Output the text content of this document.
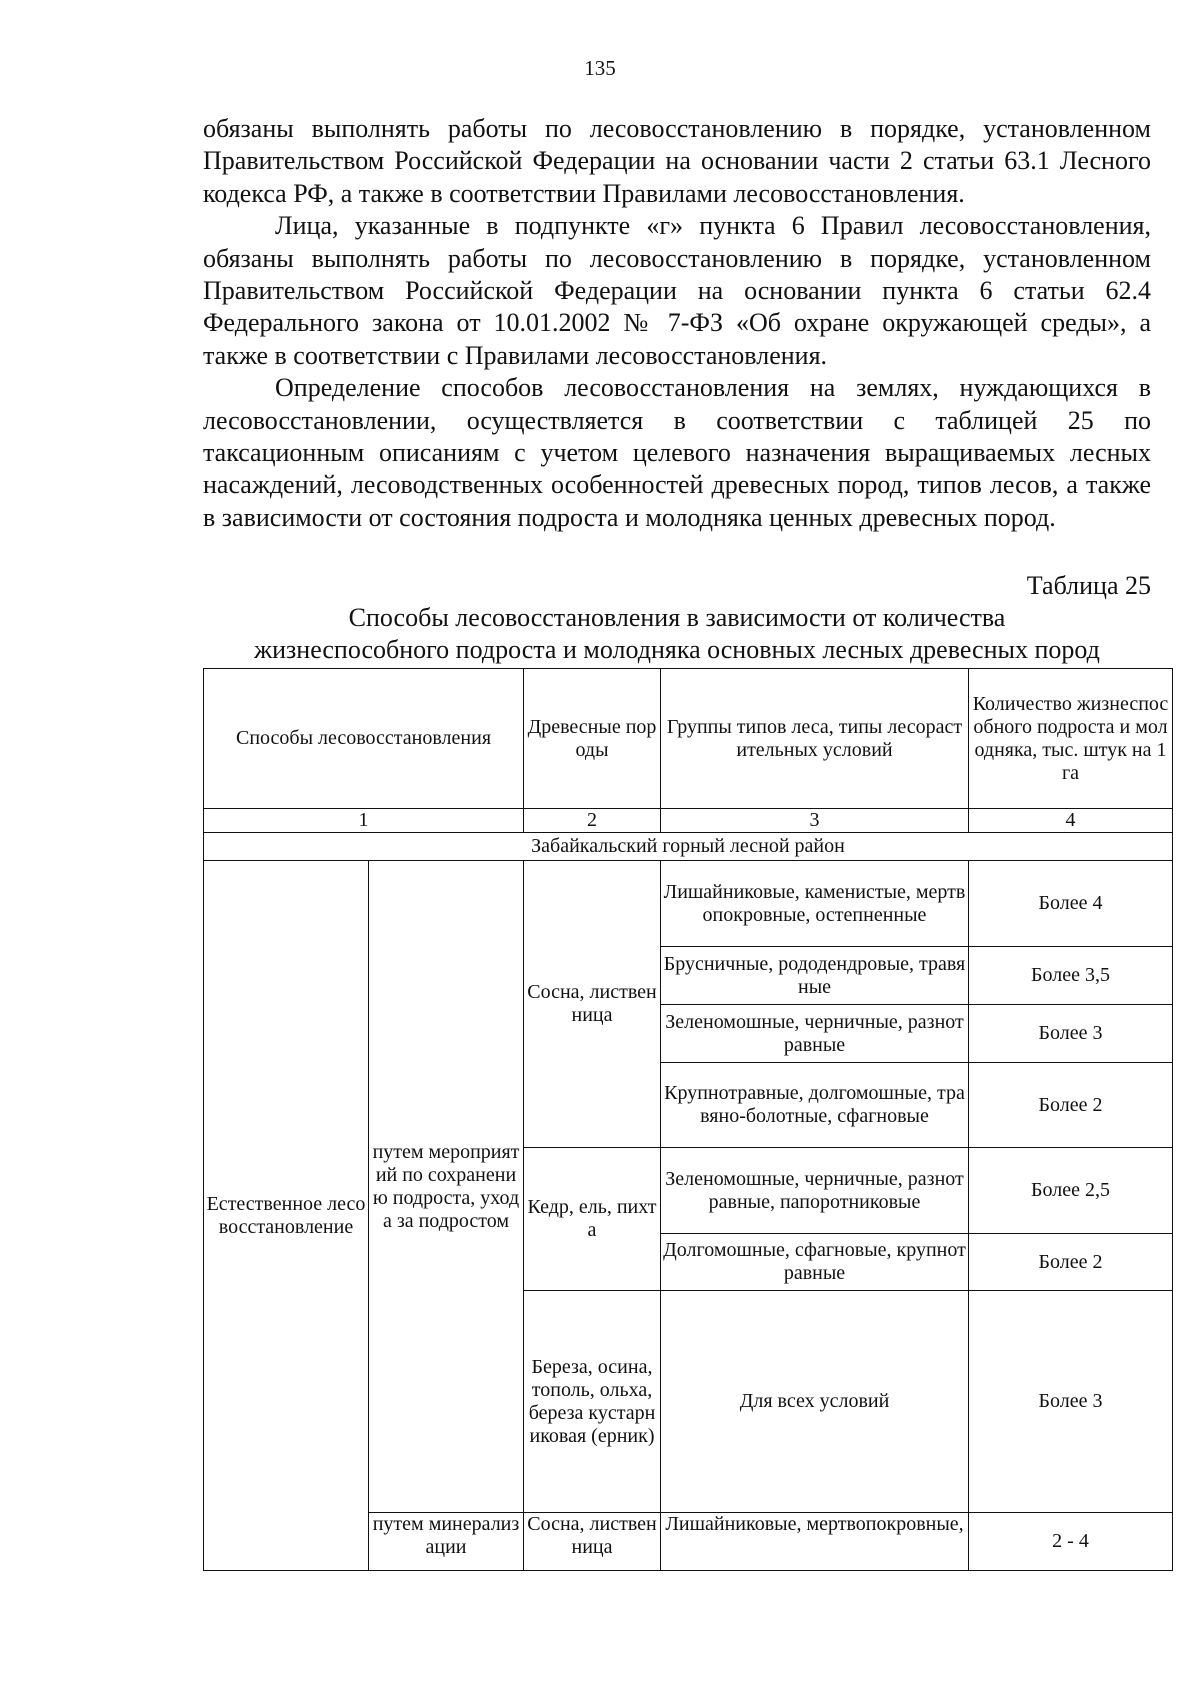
135

обязаны выполнять работы по лесовосстановлению в порядке, установленном Правительством Российской Федерации на основании части 2 статьи 63.1 Лесного кодекса РФ, а также в соответствии Правилами лесовосстановления.

Лица, указанные в подпункте «г» пункта 6 Правил лесовосстановления, обязаны выполнять работы по лесовосстановлению в порядке, установленном Правительством Российской Федерации на основании пункта 6 статьи 62.4 Федерального закона от 10.01.2002 № 7-ФЗ «Об охране окружающей среды», а также в соответствии с Правилами лесовосстановления.

Определение способов лесовосстановления на землях, нуждающихся в лесовосстановлении, осуществляется в соответствии с таблицей 25 по таксационным описаниям с учетом целевого назначения выращиваемых лесных насаждений, лесоводственных особенностей древесных пород, типов лесов, а также в зависимости от состояния подроста и молодняка ценных древесных пород.

Таблица 25
Способы лесовосстановления в зависимости от количества
жизнеспособного подроста и молодняка основных лесных древесных пород
Способы лесовосстановления		Древесные породы	Группы типов леса, типы лесорастительных условий	Количество жизнеспособного подроста и молодняка, тыс. штук на 1 га
1		2	3	4
Забайкальский горный лесной район				
Естественное лесовосстановление	путем мероприятий по сохранению подроста, ухода за подростом	Сосна, лиственница	Лишайниковые, каменистые, мертвопокровные, остепненные	Более 4
			Брусничные, рододендровые, травяные	Более 3,5
			Зеленомошные, черничные, разнотравные	Более 3
			Крупнотравные, долгомошные, травяно-болотные, сфагновые	Более 2
		Кедр, ель, пихта	Зеленомошные, черничные, разнотравные, папоротниковые	Более 2,5
			Долгомошные, сфагновые, крупнотравные	Более 2
		Береза, осина, тополь, ольха, береза кустарниковая (ерник)	Для всех условий	Более 3
	путем минерализации	Сосна, лиственница	Лишайниковые, мертвопокровные,	2 - 4
